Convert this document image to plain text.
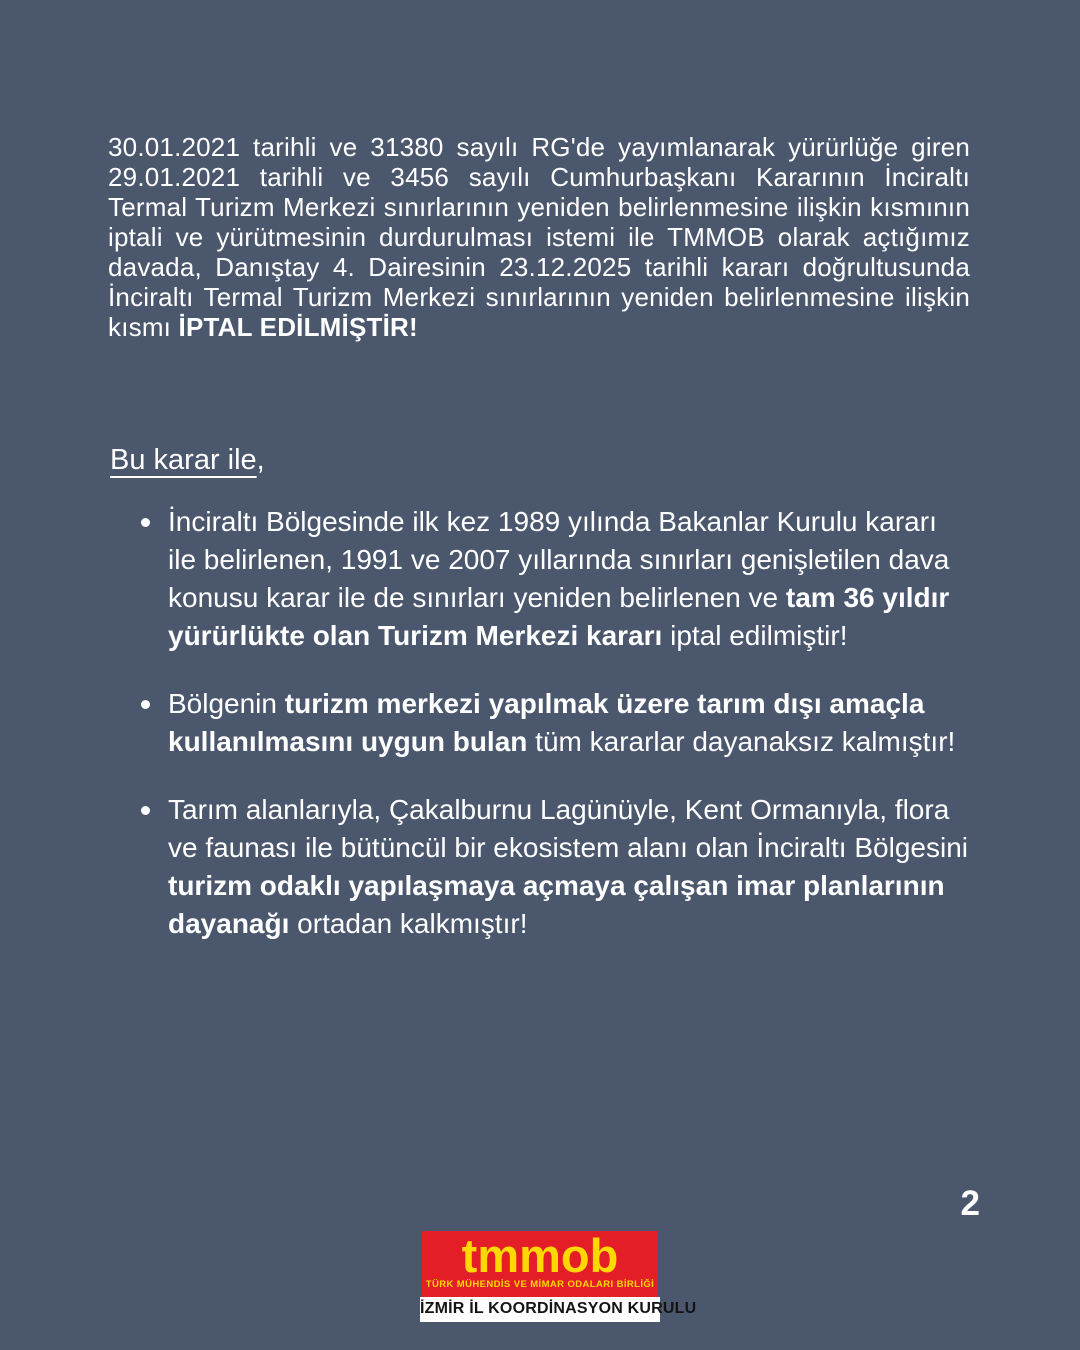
30.01.2021 tarihli ve 31380 sayılı RG'de yayımlanarak yürürlüğe giren 29.01.2021 tarihli ve 3456 sayılı Cumhurbaşkanı Kararının İnciraltı Termal Turizm Merkezi sınırlarının yeniden belirlenmesine ilişkin kısmının iptali ve yürütmesinin durdurulması istemi ile TMMOB olarak açtığımız davada, Danıştay 4. Dairesinin 23.12.2025 tarihli kararı doğrultusunda İnciraltı Termal Turizm Merkezi sınırlarının yeniden belirlenmesine ilişkin kısmı İPTAL EDİLMİŞTİR!

Bu karar ile,
İnciraltı Bölgesinde ilk kez 1989 yılında Bakanlar Kurulu kararı ile belirlenen, 1991 ve 2007 yıllarında sınırları genişletilen dava konusu karar ile de sınırları yeniden belirlenen ve tam 36 yıldır yürürlükte olan Turizm Merkezi kararı iptal edilmiştir!
Bölgenin turizm merkezi yapılmak üzere tarım dışı amaçla kullanılmasını uygun bulan tüm kararlar dayanaksız kalmıştır!
Tarım alanlarıyla, Çakalburnu Lagünüyle, Kent Ormanıyla, flora ve faunası ile bütüncül bir ekosistem alanı olan İnciraltı Bölgesini turizm odaklı yapılaşmaya açmaya çalışan imar planlarının dayanağı ortadan kalkmıştır!
2
tmmob
TÜRK MÜHENDİS VE MİMAR ODALARI BİRLİĞİ
İZMİR İL KOORDİNASYON KURULU
